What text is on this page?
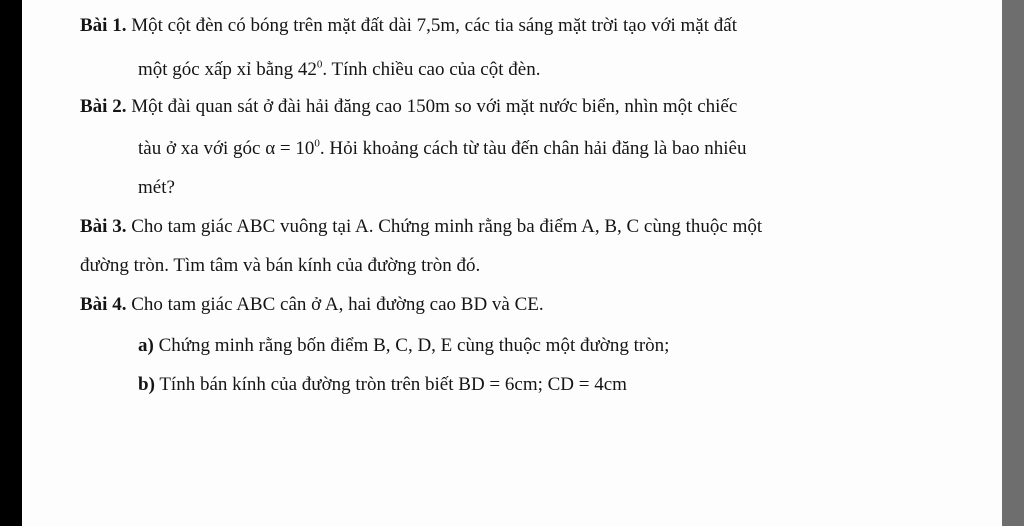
Bài 1. Một cột đèn có bóng trên mặt đất dài 7,5m, các tia sáng mặt trời tạo với mặt đất
một góc xấp xỉ bằng $42^0$. Tính chiều cao của cột đèn.
Bài 2. Một đài quan sát ở đài hải đăng cao 150m so với mặt nước biển, nhìn một chiếc
tàu ở xa với góc $\alpha = 10^0$. Hỏi khoảng cách từ tàu đến chân hải đăng là bao nhiêu
mét?
Bài 3. Cho tam giác ABC vuông tại A. Chứng minh rằng ba điểm A, B, C cùng thuộc một
đường tròn. Tìm tâm và bán kính của đường tròn đó.
Bài 4. Cho tam giác ABC cân ở A, hai đường cao BD và CE.
a) Chứng minh rằng bốn điểm B, C, D, E cùng thuộc một đường tròn;
b) Tính bán kính của đường tròn trên biết BD = 6cm; CD = 4cm
